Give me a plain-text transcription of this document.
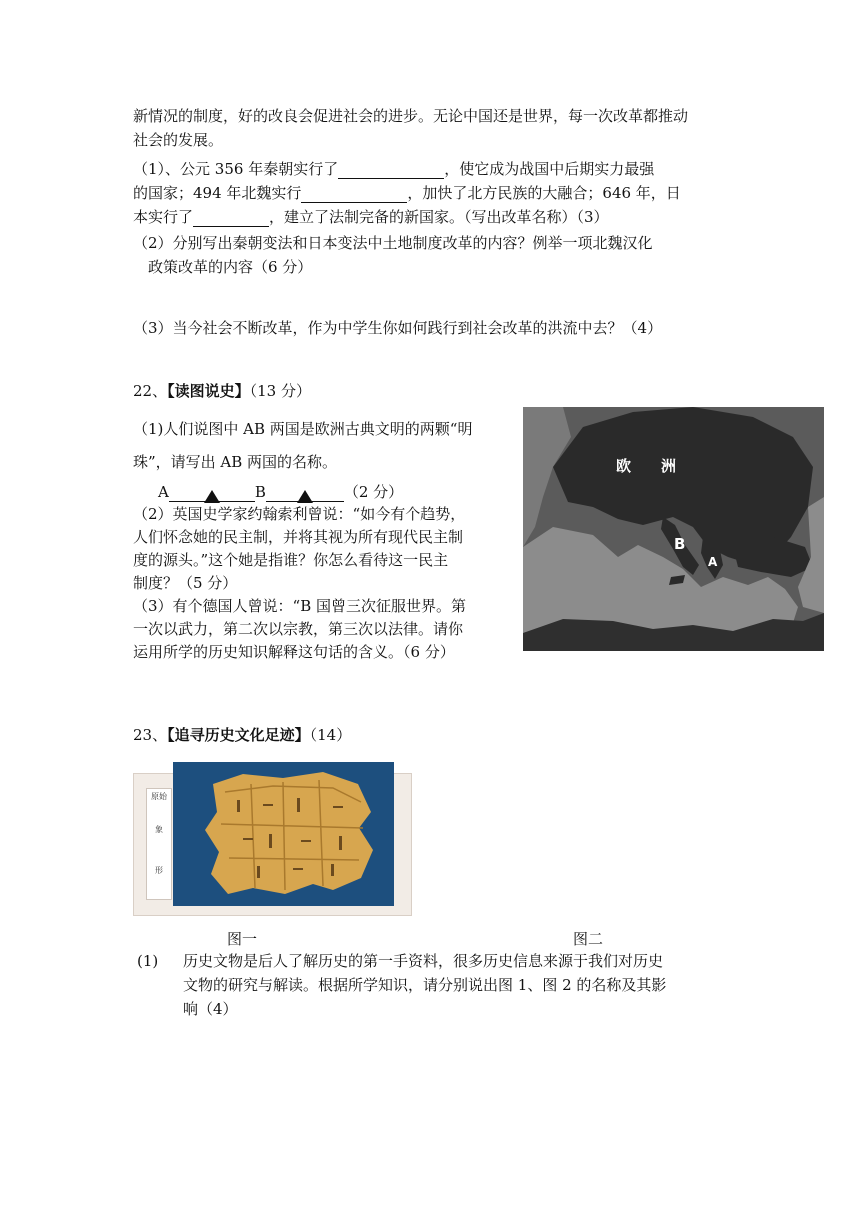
新情况的制度，好的改良会促进社会的进步。无论中国还是世界，每一次改革都推动
社会的发展。
（1）、公元 356 年秦朝实行了	，使它成为战国中后期实力最强
的国家；494 年北魏实行	，加快了北方民族的大融合；646 年，日
本实行了	，建立了法制完备的新国家。（写出改革名称）（3）
（2）分别写出秦朝变法和日本变法中土地制度改革的内容？例举一项北魏汉化
政策改革的内容（6 分）
（3）当今社会不断改革，作为中学生你如何践行到社会改革的洪流中去？（4）
22、【读图说史】（13 分）
（1)人们说图中 AB 两国是欧洲古典文明的两颗“明
珠”，请写出 AB 两国的名称。
A	B	（2 分）
（2）英国史学家约翰索利曾说：“如今有个趋势，
人们怀念她的民主制，并将其视为所有现代民主制
度的源头。”这个她是指谁？你怎么看待这一民主
制度？（5 分）
（3）有个德国人曾说：“B 国曾三次征服世界。第
一次以武力，第二次以宗教，第三次以法律。请你
运用所学的历史知识解释这句话的含义。（6 分）
欧　　洲
B
A
23、【追寻历史文化足迹】（14）
原始
象
形
图一	图二
(1) 历史文物是后人了解历史的第一手资料，很多历史信息来源于我们对历史
文物的研究与解读。根据所学知识，请分别说出图 1、图 2 的名称及其影
响（4）
